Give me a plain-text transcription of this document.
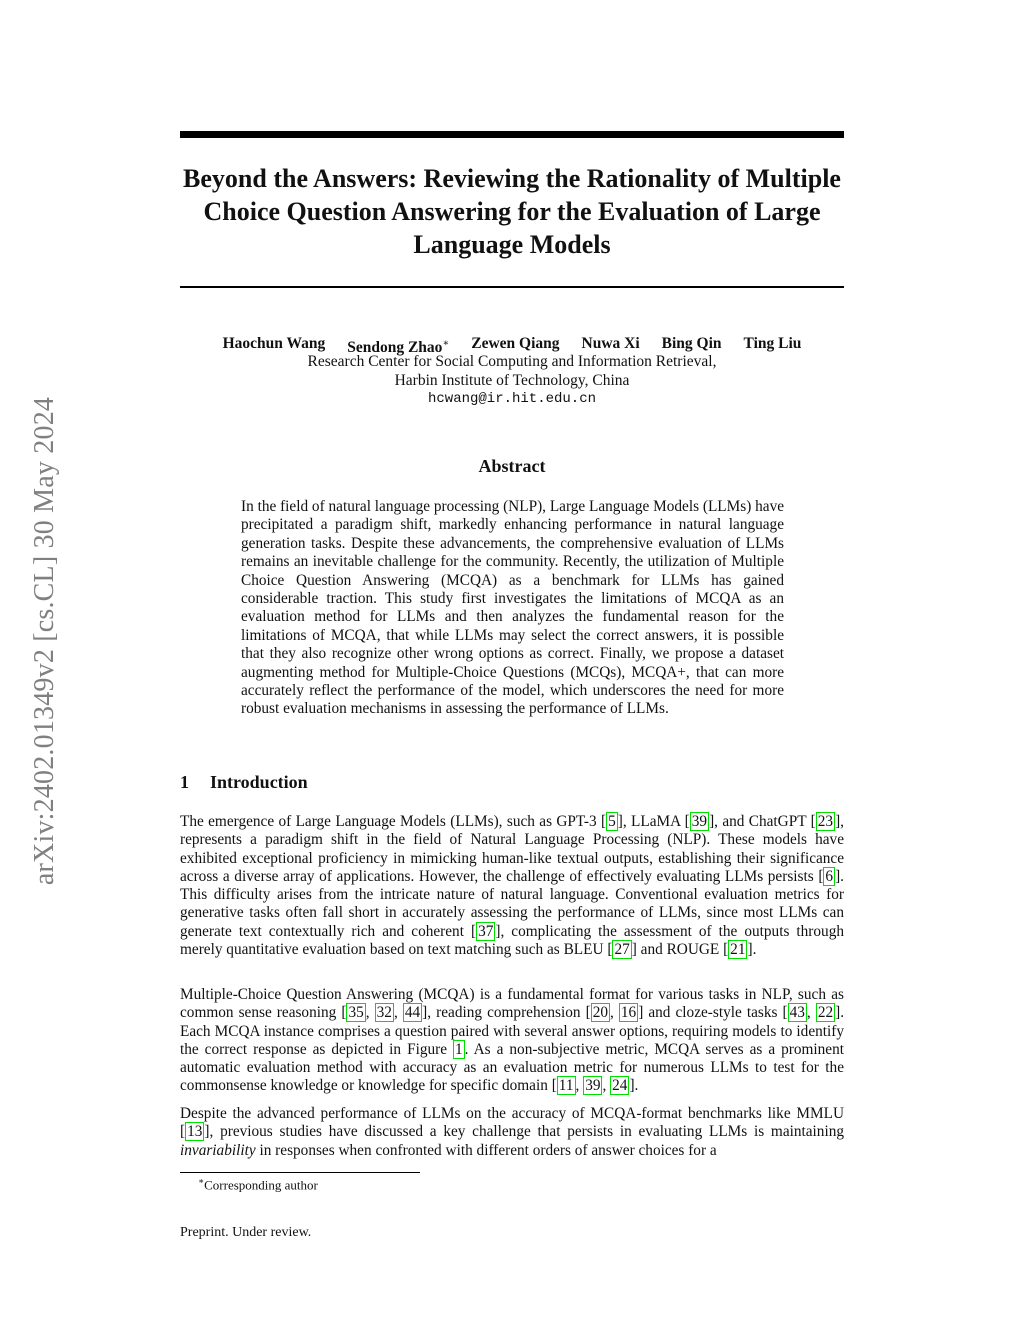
arXiv:2402.01349v2 [cs.CL] 30 May 2024
Beyond the Answers: Reviewing the Rationality of Multiple Choice Question Answering for the Evaluation of Large Language Models
Haochun Wang Sendong Zhao∗ Zewen Qiang Nuwa Xi Bing Qin Ting Liu
Research Center for Social Computing and Information Retrieval,
Harbin Institute of Technology, China
hcwang@ir.hit.edu.cn
Abstract

In the field of natural language processing (NLP), Large Language Models (LLMs) have precipitated a paradigm shift, markedly enhancing performance in natural language generation tasks. Despite these advancements, the comprehensive evaluation of LLMs remains an inevitable challenge for the community. Recently, the utilization of Multiple Choice Question Answering (MCQA) as a benchmark for LLMs has gained considerable traction. This study first investigates the limitations of MCQA as an evaluation method for LLMs and then analyzes the fundamental reason for the limitations of MCQA, that while LLMs may select the correct answers, it is possible that they also recognize other wrong options as correct. Finally, we propose a dataset augmenting method for Multiple-Choice Questions (MCQs), MCQA+, that can more accurately reflect the performance of the model, which underscores the need for more robust evaluation mechanisms in assessing the performance of LLMs.

1 Introduction

The emergence of Large Language Models (LLMs), such as GPT-3 [ 5 ], LLaMA [ 39 ], and ChatGPT [ 23 ], represents a paradigm shift in the field of Natural Language Processing (NLP). These models have exhibited exceptional proficiency in mimicking human-like textual outputs, establishing their significance across a diverse array of applications. However, the challenge of effectively evaluating LLMs persists [ 6 ]. This difficulty arises from the intricate nature of natural language. Conventional evaluation metrics for generative tasks often fall short in accurately assessing the performance of LLMs, since most LLMs can generate text contextually rich and coherent [ 37 ], complicating the assessment of the outputs through merely quantitative evaluation based on text matching such as BLEU [ 27 ] and ROUGE [ 21 ].

Multiple-Choice Question Answering (MCQA) is a fundamental format for various tasks in NLP, such as common sense reasoning [ 35 , 32 , 44 ], reading comprehension [ 20 , 16 ] and cloze-style tasks [ 43 , 22 ]. Each MCQA instance comprises a question paired with several answer options, requiring models to identify the correct response as depicted in Figure 1 . As a non-subjective metric, MCQA serves as a prominent automatic evaluation method with accuracy as an evaluation metric for numerous LLMs to test for the commonsense knowledge or knowledge for specific domain [ 11 , 39 , 24 ].

Despite the advanced performance of LLMs on the accuracy of MCQA-format benchmarks like MMLU [ 13 ], previous studies have discussed a key challenge that persists in evaluating LLMs is maintaining invariability in responses when confronted with different orders of answer choices for a

∗Corresponding author
Preprint. Under review.
